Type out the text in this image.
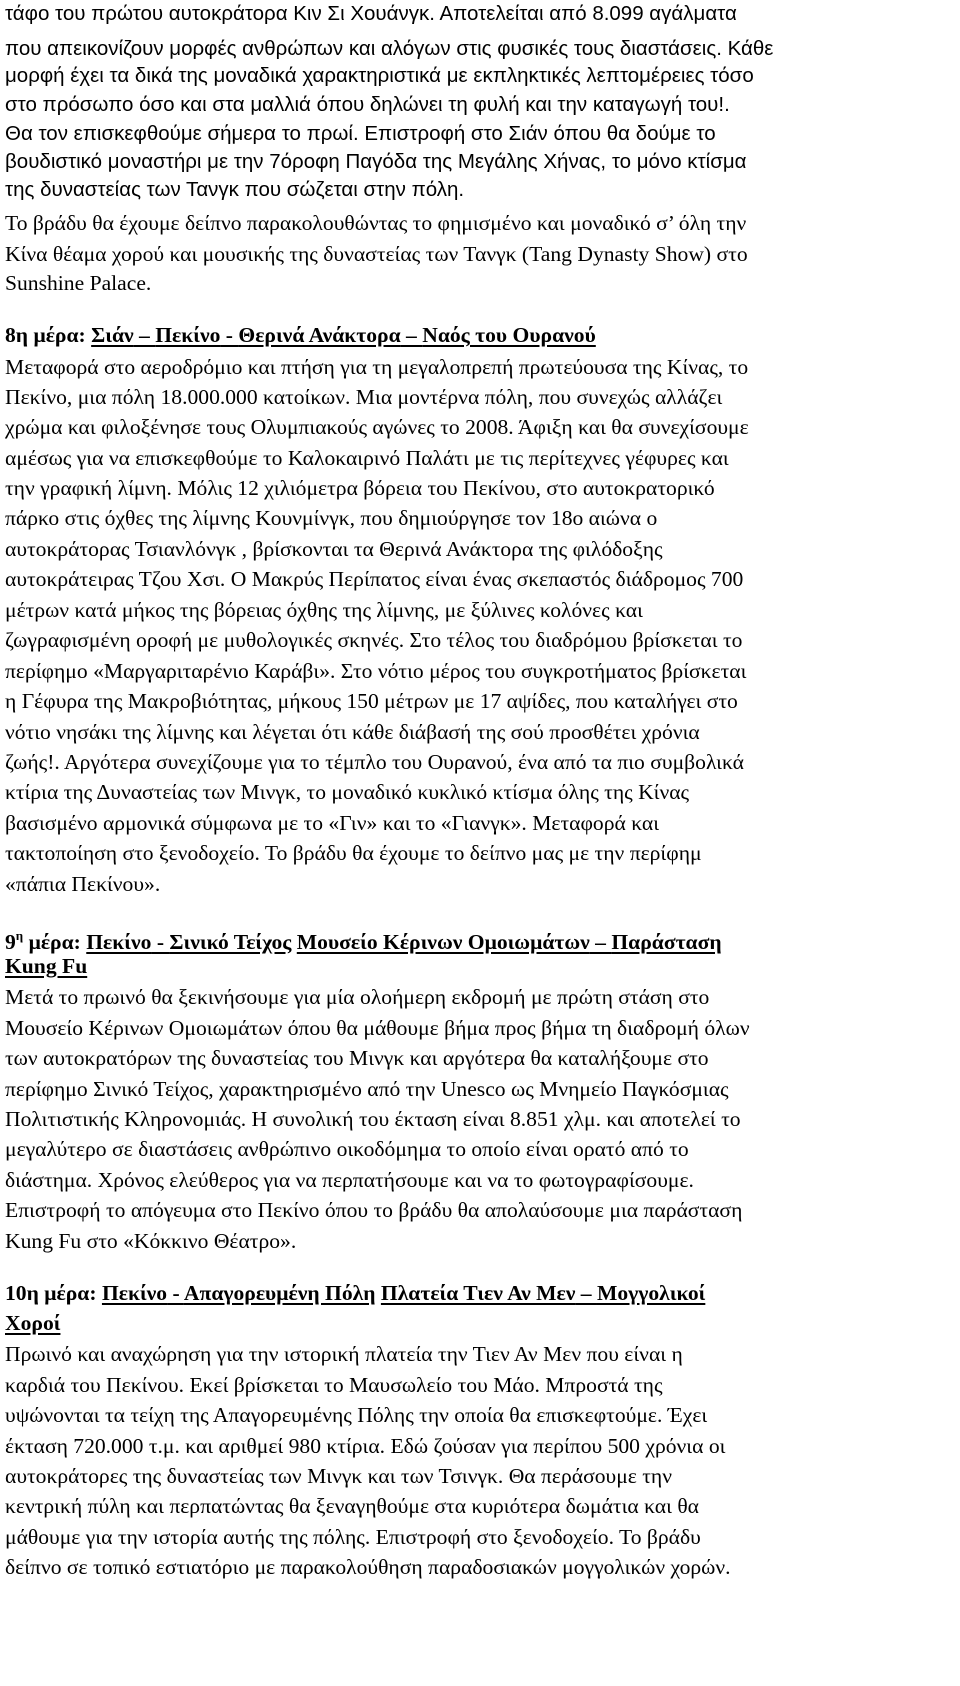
τάφο του πρώτου αυτοκράτορα Κιν Σι Χουάνγκ. Αποτελείται από 8.099 αγάλματα
που απεικονίζουν μορφές ανθρώπων και αλόγων στις φυσικές τους διαστάσεις. Κάθε
μορφή έχει τα δικά της μοναδικά χαρακτηριστικά με εκπληκτικές λεπτομέρειες τόσο
στο πρόσωπο όσο και στα μαλλιά όπου δηλώνει τη φυλή και την καταγωγή του!.
Θα τον επισκεφθούμε σήμερα το πρωί. Επιστροφή στο Σιάν όπου θα δούμε το
βουδιστικό μοναστήρι με την 7όροφη Παγόδα της Μεγάλης Χήνας, το μόνο κτίσμα
της δυναστείας των Τανγκ που σώζεται στην πόλη.
Το βράδυ θα έχουμε δείπνο παρακολουθώντας το φημισμένο και μοναδικό σ’ όλη την
Κίνα θέαμα χορού και μουσικής της δυναστείας των Τανγκ (Tang Dynasty Show) στο
Sunshine Palace.
8η μέρα: Σιάν – Πεκίνο - Θερινά Ανάκτορα – Ναός του Ουρανού
Μεταφορά στο αεροδρόμιο και πτήση για τη μεγαλοπρεπή πρωτεύουσα της Κίνας, το
Πεκίνο, μια πόλη 18.000.000 κατοίκων. Μια μοντέρνα πόλη, που συνεχώς αλλάζει
χρώμα και φιλοξένησε τους Ολυμπιακούς αγώνες το 2008. Άφιξη και θα συνεχίσουμε
αμέσως για να επισκεφθούμε το Καλοκαιρινό Παλάτι με τις περίτεχνες γέφυρες και
την γραφική λίμνη. Μόλις 12 χιλιόμετρα βόρεια του Πεκίνου, στο αυτοκρατορικό
πάρκο στις όχθες της λίμνης Κουνμίνγκ, που δημιούργησε τον 18ο αιώνα ο
αυτοκράτορας Τσιανλόνγκ , βρίσκονται τα Θερινά Ανάκτορα της φιλόδοξης
αυτοκράτειρας Τζου Χσι. Ο Μακρύς Περίπατος είναι ένας σκεπαστός διάδρομος 700
μέτρων κατά μήκος της βόρειας όχθης της λίμνης, με ξύλινες κολόνες και
ζωγραφισμένη οροφή με μυθολογικές σκηνές. Στο τέλος του διαδρόμου βρίσκεται το
περίφημο «Μαργαριταρένιο Καράβι». Στο νότιο μέρος του συγκροτήματος βρίσκεται
η Γέφυρα της Μακροβιότητας, μήκους 150 μέτρων με 17 αψίδες, που καταλήγει στο
νότιο νησάκι της λίμνης και λέγεται ότι κάθε διάβασή της σού προσθέτει χρόνια
ζωής!. Αργότερα συνεχίζουμε για το τέμπλο του Ουρανού, ένα από τα πιο συμβολικά
κτίρια της Δυναστείας των Μινγκ, το μοναδικό κυκλικό κτίσμα όλης της Κίνας
βασισμένο αρμονικά σύμφωνα με το «Γιν» και το «Γιανγκ». Μεταφορά και
τακτοποίηση στο ξενοδοχείο. Το βράδυ θα έχουμε το δείπνο μας με την περίφημ
«πάπια Πεκίνου».
$9^\eta$ μέρα: Πεκίνο - Σινικό Τείχος Μουσείο Κέρινων Ομοιωμάτων – Παράσταση
Kung Fu
Μετά το πρωινό θα ξεκινήσουμε για μία ολοήμερη εκδρομή με πρώτη στάση στο
Μουσείο Κέρινων Ομοιωμάτων όπου θα μάθουμε βήμα προς βήμα τη διαδρομή όλων
των αυτοκρατόρων της δυναστείας του Μινγκ και αργότερα θα καταλήξουμε στο
περίφημο Σινικό Τείχος, χαρακτηρισμένο από την Unesco ως Μνημείο Παγκόσμιας
Πολιτιστικής Κληρονομιάς. Η συνολική του έκταση είναι 8.851 χλμ. και αποτελεί το
μεγαλύτερο σε διαστάσεις ανθρώπινο οικοδόμημα το οποίο είναι ορατό από το
διάστημα. Χρόνος ελεύθερος για να περπατήσουμε και να το φωτογραφίσουμε.
Επιστροφή το απόγευμα στο Πεκίνο όπου το βράδυ θα απολαύσουμε μια παράσταση
Kung Fu στο «Κόκκινο Θέατρο».
10η μέρα: Πεκίνο - Απαγορευμένη Πόλη Πλατεία Τιεν Αν Μεν – Μογγολικοί
Χοροί
Πρωινό και αναχώρηση για την ιστορική πλατεία την Τιεν Αν Μεν που είναι η
καρδιά του Πεκίνου. Εκεί βρίσκεται το Μαυσωλείο του Μάο. Μπροστά της
υψώνονται τα τείχη της Απαγορευμένης Πόλης την οποία θα επισκεφτούμε. Έχει
έκταση 720.000 τ.μ. και αριθμεί 980 κτίρια. Εδώ ζούσαν για περίπου 500 χρόνια οι
αυτοκράτορες της δυναστείας των Μινγκ και των Τσινγκ. Θα περάσουμε την
κεντρική πύλη και περπατώντας θα ξεναγηθούμε στα κυριότερα δωμάτια και θα
μάθουμε για την ιστορία αυτής της πόλης. Επιστροφή στο ξενοδοχείο. Το βράδυ
δείπνο σε τοπικό εστιατόριο με παρακολούθηση παραδοσιακών μογγολικών χορών.
